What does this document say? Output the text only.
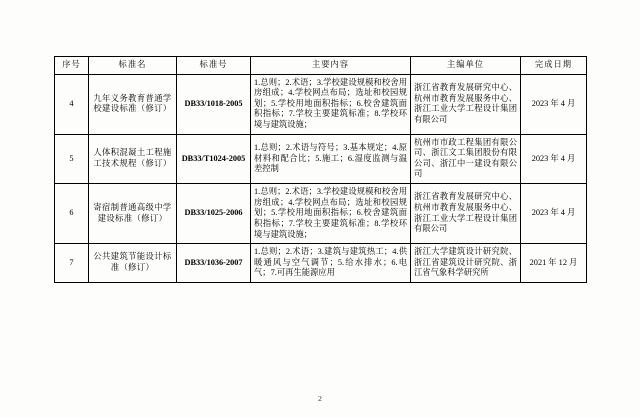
序号	标准名	标准号	主要内容	主编单位	完成日期
4	九年义务教育普通学校建设标准（修订）	DB33/1018-2005	1.总则；2.术语；3.学校建设规模和校舍用房组成；4.学校网点布局；选址和校园规划；5.学校用地面积指标；6.校舍建筑面积指标；7.学校主要建筑标准；8.学校环境与建筑设施；	浙江省教育发展研究中心、杭州市教育发展服务中心、浙江工业大学工程设计集团有限公司	2023 年 4 月
5	人体积混凝土工程施工技术规程（修订）	DB33/T1024-2005	1.总则；2.术语与符号；3.基本规定；4.原材料和配合比；5.施工；6.湿度监测与温差控制	杭州市市政工程集团有限公司、浙江文工集团股份有限公司、浙江中一建设有限公司	2023 年 4 月
6	寄宿制普通高级中学建设标准（修订）	DB33/1025-2006	1.总则；2.术语；3.学校建设规模和校舍用房组成；4.学校网点布局；选址和校园规划；5.学校用地面积指标；6.校舍建筑面积指标；7.学校主要建筑标准；8.学校环境与建筑设施；	浙江省教育发展研究中心、杭州市教育发展服务中心、浙江工业大学工程设计集团有限公司	2023 年 4 月
7	公共建筑节能设计标准（修订）	DB33/1036-2007	1.总则；2.术语；3.建筑与建筑热工；4.供暖通风与空气调节；5.给水排水；6.电气；7.可再生能源应用	浙江大学建筑设计研究院、浙江省建筑设计研究院、浙江省气象科学研究所	2021 年 12 月
2
